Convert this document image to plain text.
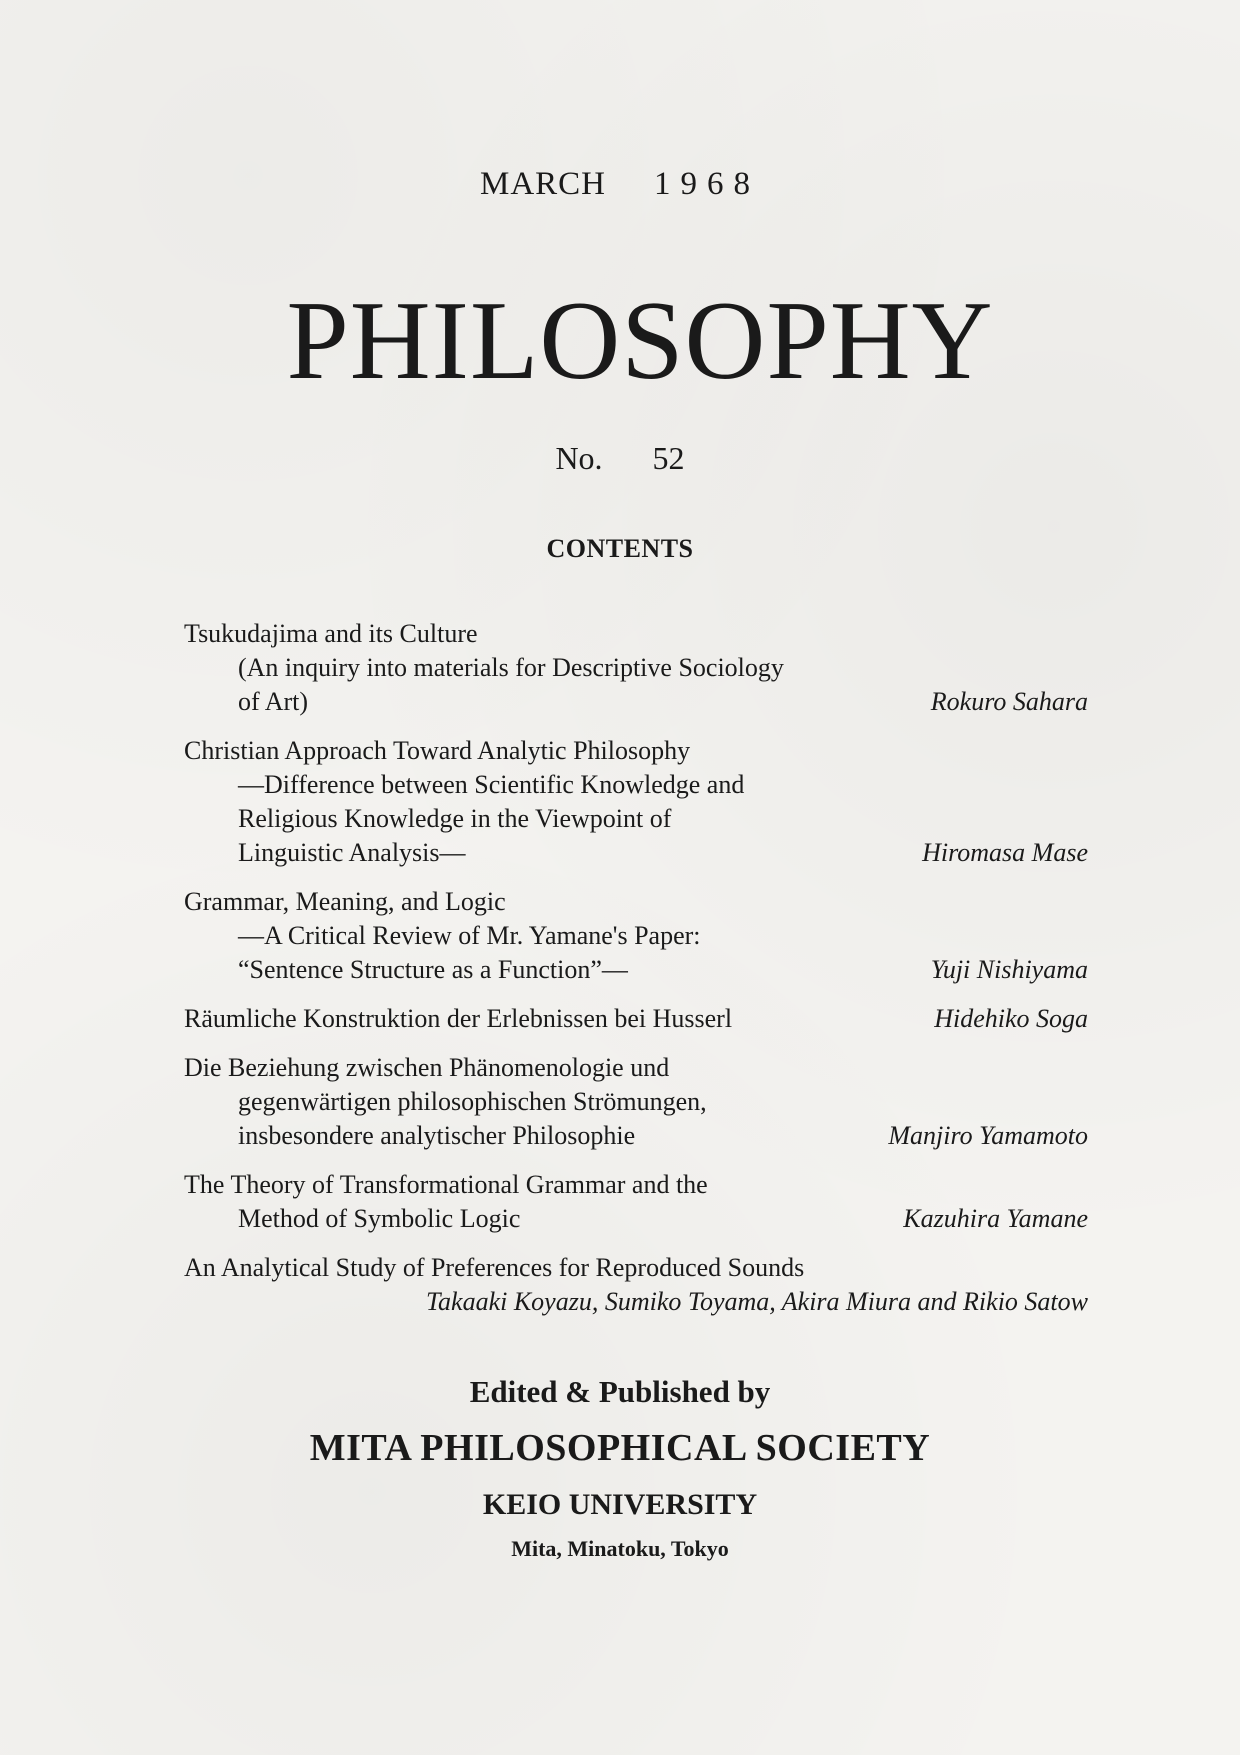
MARCH 1968
PHILOSOPHY
No. 52
CONTENTS
Tsukudajima and its Culture
(An inquiry into materials for Descriptive Sociology
of Art)	Rokuro Sahara
Christian Approach Toward Analytic Philosophy
—Difference between Scientific Knowledge and
Religious Knowledge in the Viewpoint of
Linguistic Analysis—	Hiromasa Mase
Grammar, Meaning, and Logic
—A Critical Review of Mr. Yamane's Paper:
“Sentence Structure as a Function”—	Yuji Nishiyama
Räumliche Konstruktion der Erlebnissen bei Husserl	Hidehiko Soga
Die Beziehung zwischen Phänomenologie und
gegenwärtigen philosophischen Strömungen,
insbesondere analytischer Philosophie	Manjiro Yamamoto
The Theory of Transformational Grammar and the
Method of Symbolic Logic	Kazuhira Yamane
An Analytical Study of Preferences for Reproduced Sounds
Takaaki Koyazu, Sumiko Toyama, Akira Miura and Rikio Satow
Edited & Published by
MITA PHILOSOPHICAL SOCIETY
KEIO UNIVERSITY
Mita, Minatoku, Tokyo
